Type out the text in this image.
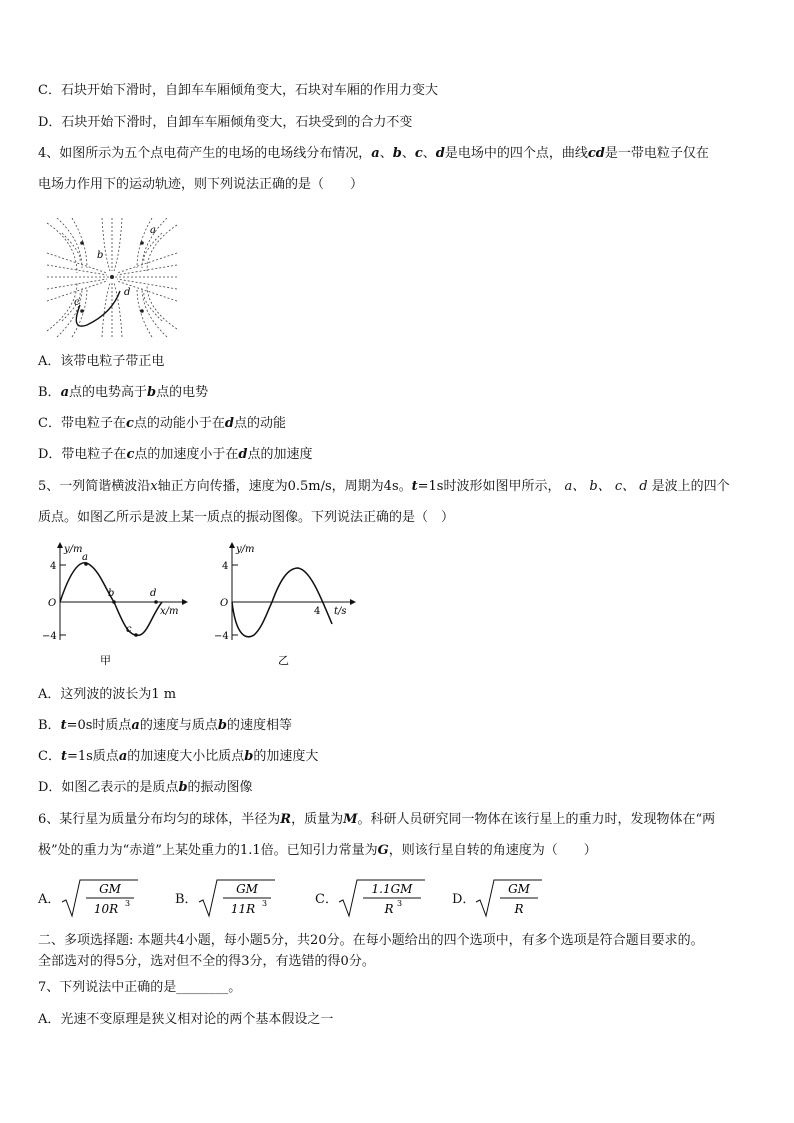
C．石块开始下滑时，自卸车车厢倾角变大，石块对车厢的作用力变大
D．石块开始下滑时，自卸车车厢倾角变大，石块受到的合力不变
4、如图所示为五个点电荷产生的电场的电场线分布情况，a、b、c、d是电场中的四个点，曲线cd是一带电粒子仅在
电场力作用下的运动轨迹，则下列说法正确的是（　　）
a
b
c
d
A．该带电粒子带正电
B．a点的电势高于b点的电势
C．带电粒子在c点的动能小于在d点的动能
D．带电粒子在c点的加速度小于在d点的加速度
5、一列简谐横波沿x轴正方向传播，速度为0.5m/s，周期为4s。t=1s时波形如图甲所示， a、 b、 c、 d 是波上的四个
质点。如图乙所示是波上某一质点的振动图像。下列说法正确的是（　）
y/m
x/m
4
−4
O
a
b
c
d
甲
y/m
t/s
4
4
−4
O
乙
A．这列波的波长为1 m
B．t=0s时质点a的速度与质点b的速度相等
C．t=1s质点a的加速度大小比质点b的加速度大
D．如图乙表示的是质点b的振动图像
6、某行星为质量分布均匀的球体，半径为R，质量为M。科研人员研究同一物体在该行星上的重力时，发现物体在“两
极”处的重力为“赤道”上某处重力的1.1倍。已知引力常量为G，则该行星自转的角速度为（　　）
A．
GM
10R 3	B．
GM
11R 3	C．
1.1GM
R 3	D．
GM
R
二、多项选择题: 本题共4小题，每小题5分，共20分。在每小题给出的四个选项中，有多个选项是符合题目要求的。
全部选对的得5分，选对但不全的得3分，有选错的得0分。
7、下列说法中正确的是________。
A．光速不变原理是狭义相对论的两个基本假设之一
